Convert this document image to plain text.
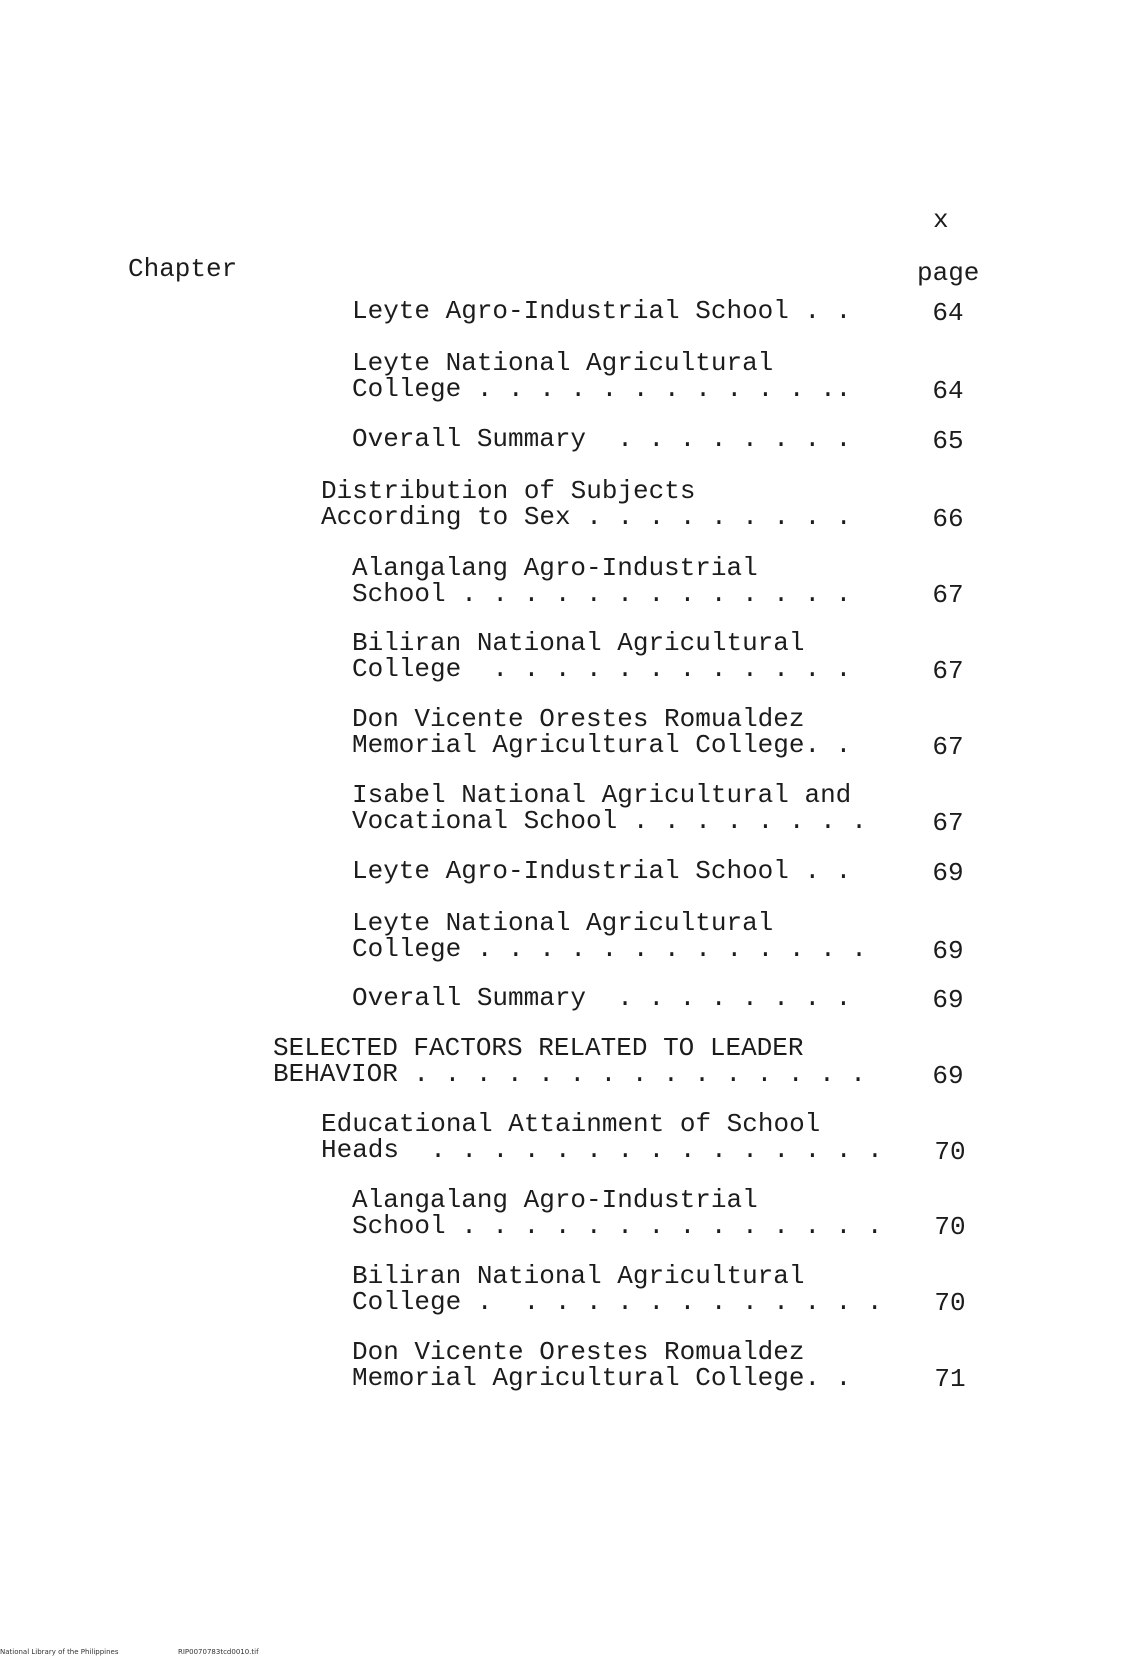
x
Chapter	page
Leyte Agro-Industrial School . .	64
Leyte National Agricultural
College . . . . . . . . . . . ..	64
Overall Summary  . . . . . . . .	65
Distribution of Subjects
According to Sex . . . . . . . . .	66
Alangalang Agro-Industrial
School . . . . . . . . . . . . .	67
Biliran National Agricultural
College  . . . . . . . . . . . .	67
Don Vicente Orestes Romualdez
Memorial Agricultural College. .	67
Isabel National Agricultural and
Vocational School . . . . . . . .	67
Leyte Agro-Industrial School . .	69
Leyte National Agricultural
College . . . . . . . . . . . . .	69
Overall Summary  . . . . . . . .	69
SELECTED FACTORS RELATED TO LEADER
BEHAVIOR . . . . . . . . . . . . . . .	69
Educational Attainment of School
Heads  . . . . . . . . . . . . . . .	70
Alangalang Agro-Industrial
School . . . . . . . . . . . . . .	70
Biliran National Agricultural
College .  . . . . . . . . . . . .	70
Don Vicente Orestes Romualdez
Memorial Agricultural College. .	71
National Library of the Philippines	RIP0070783tcd0010.tif
